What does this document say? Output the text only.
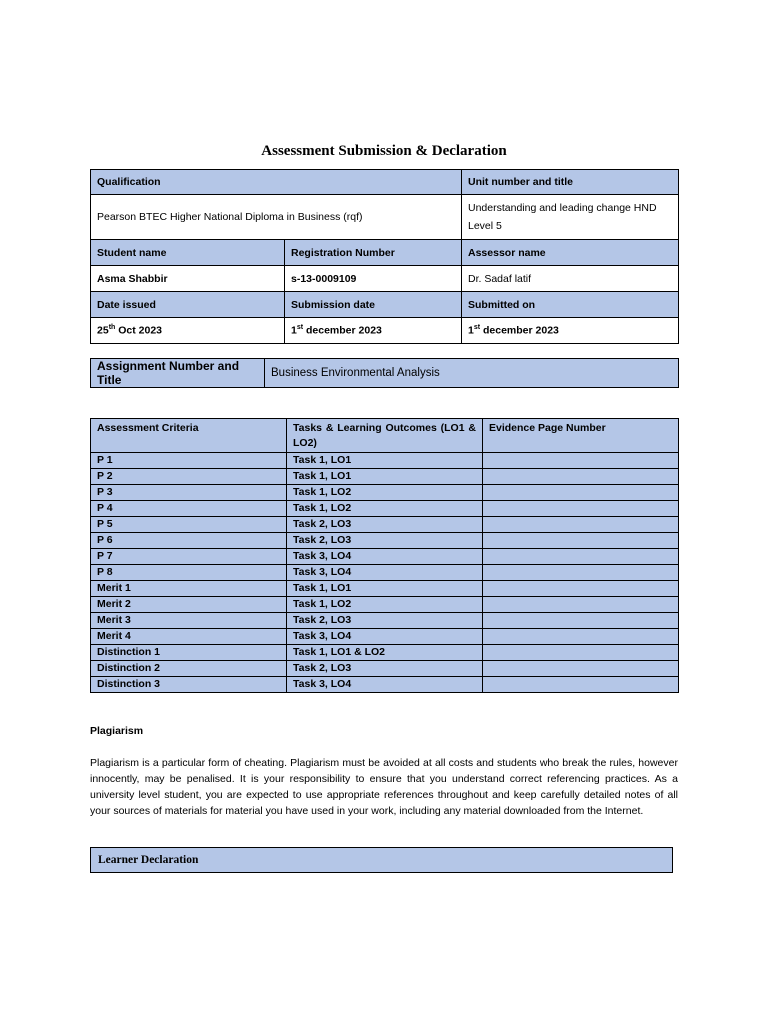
Assessment Submission & Declaration
Qualification		Unit number and title
Pearson BTEC Higher National Diploma in Business (rqf)		Understanding and leading change HND
Level 5

Student name	Registration Number	Assessor name
Asma Shabbir	s-13-0009109	Dr. Sadaf latif
Date issued	Submission date	Submitted on
25th Oct 2023	1st december 2023	1st december 2023
Assignment Number and Title	Business Environmental Analysis
Assessment Criteria	Tasks & Learning Outcomes (LO1 & LO2)	Evidence Page Number
P 1	Task 1, LO1	
P 2	Task 1, LO1	
P 3	Task 1, LO2	
P 4	Task 1, LO2	
P 5	Task 2, LO3	
P 6	Task 2, LO3	
P 7	Task 3, LO4	
P 8	Task 3, LO4	
Merit 1	Task 1, LO1	
Merit 2	Task 1, LO2	
Merit 3	Task 2, LO3	
Merit 4	Task 3, LO4	
Distinction 1	Task 1, LO1 & LO2	
Distinction 2	Task 2, LO3	
Distinction 3	Task 3, LO4	
Plagiarism
Plagiarism is a particular form of cheating. Plagiarism must be avoided at all costs and students who break the rules, however innocently, may be penalised. It is your responsibility to ensure that you understand correct referencing practices. As a university level student, you are expected to use appropriate references throughout and keep carefully detailed notes of all your sources of materials for material you have used in your work, including any material downloaded from the Internet.
Learner Declaration
